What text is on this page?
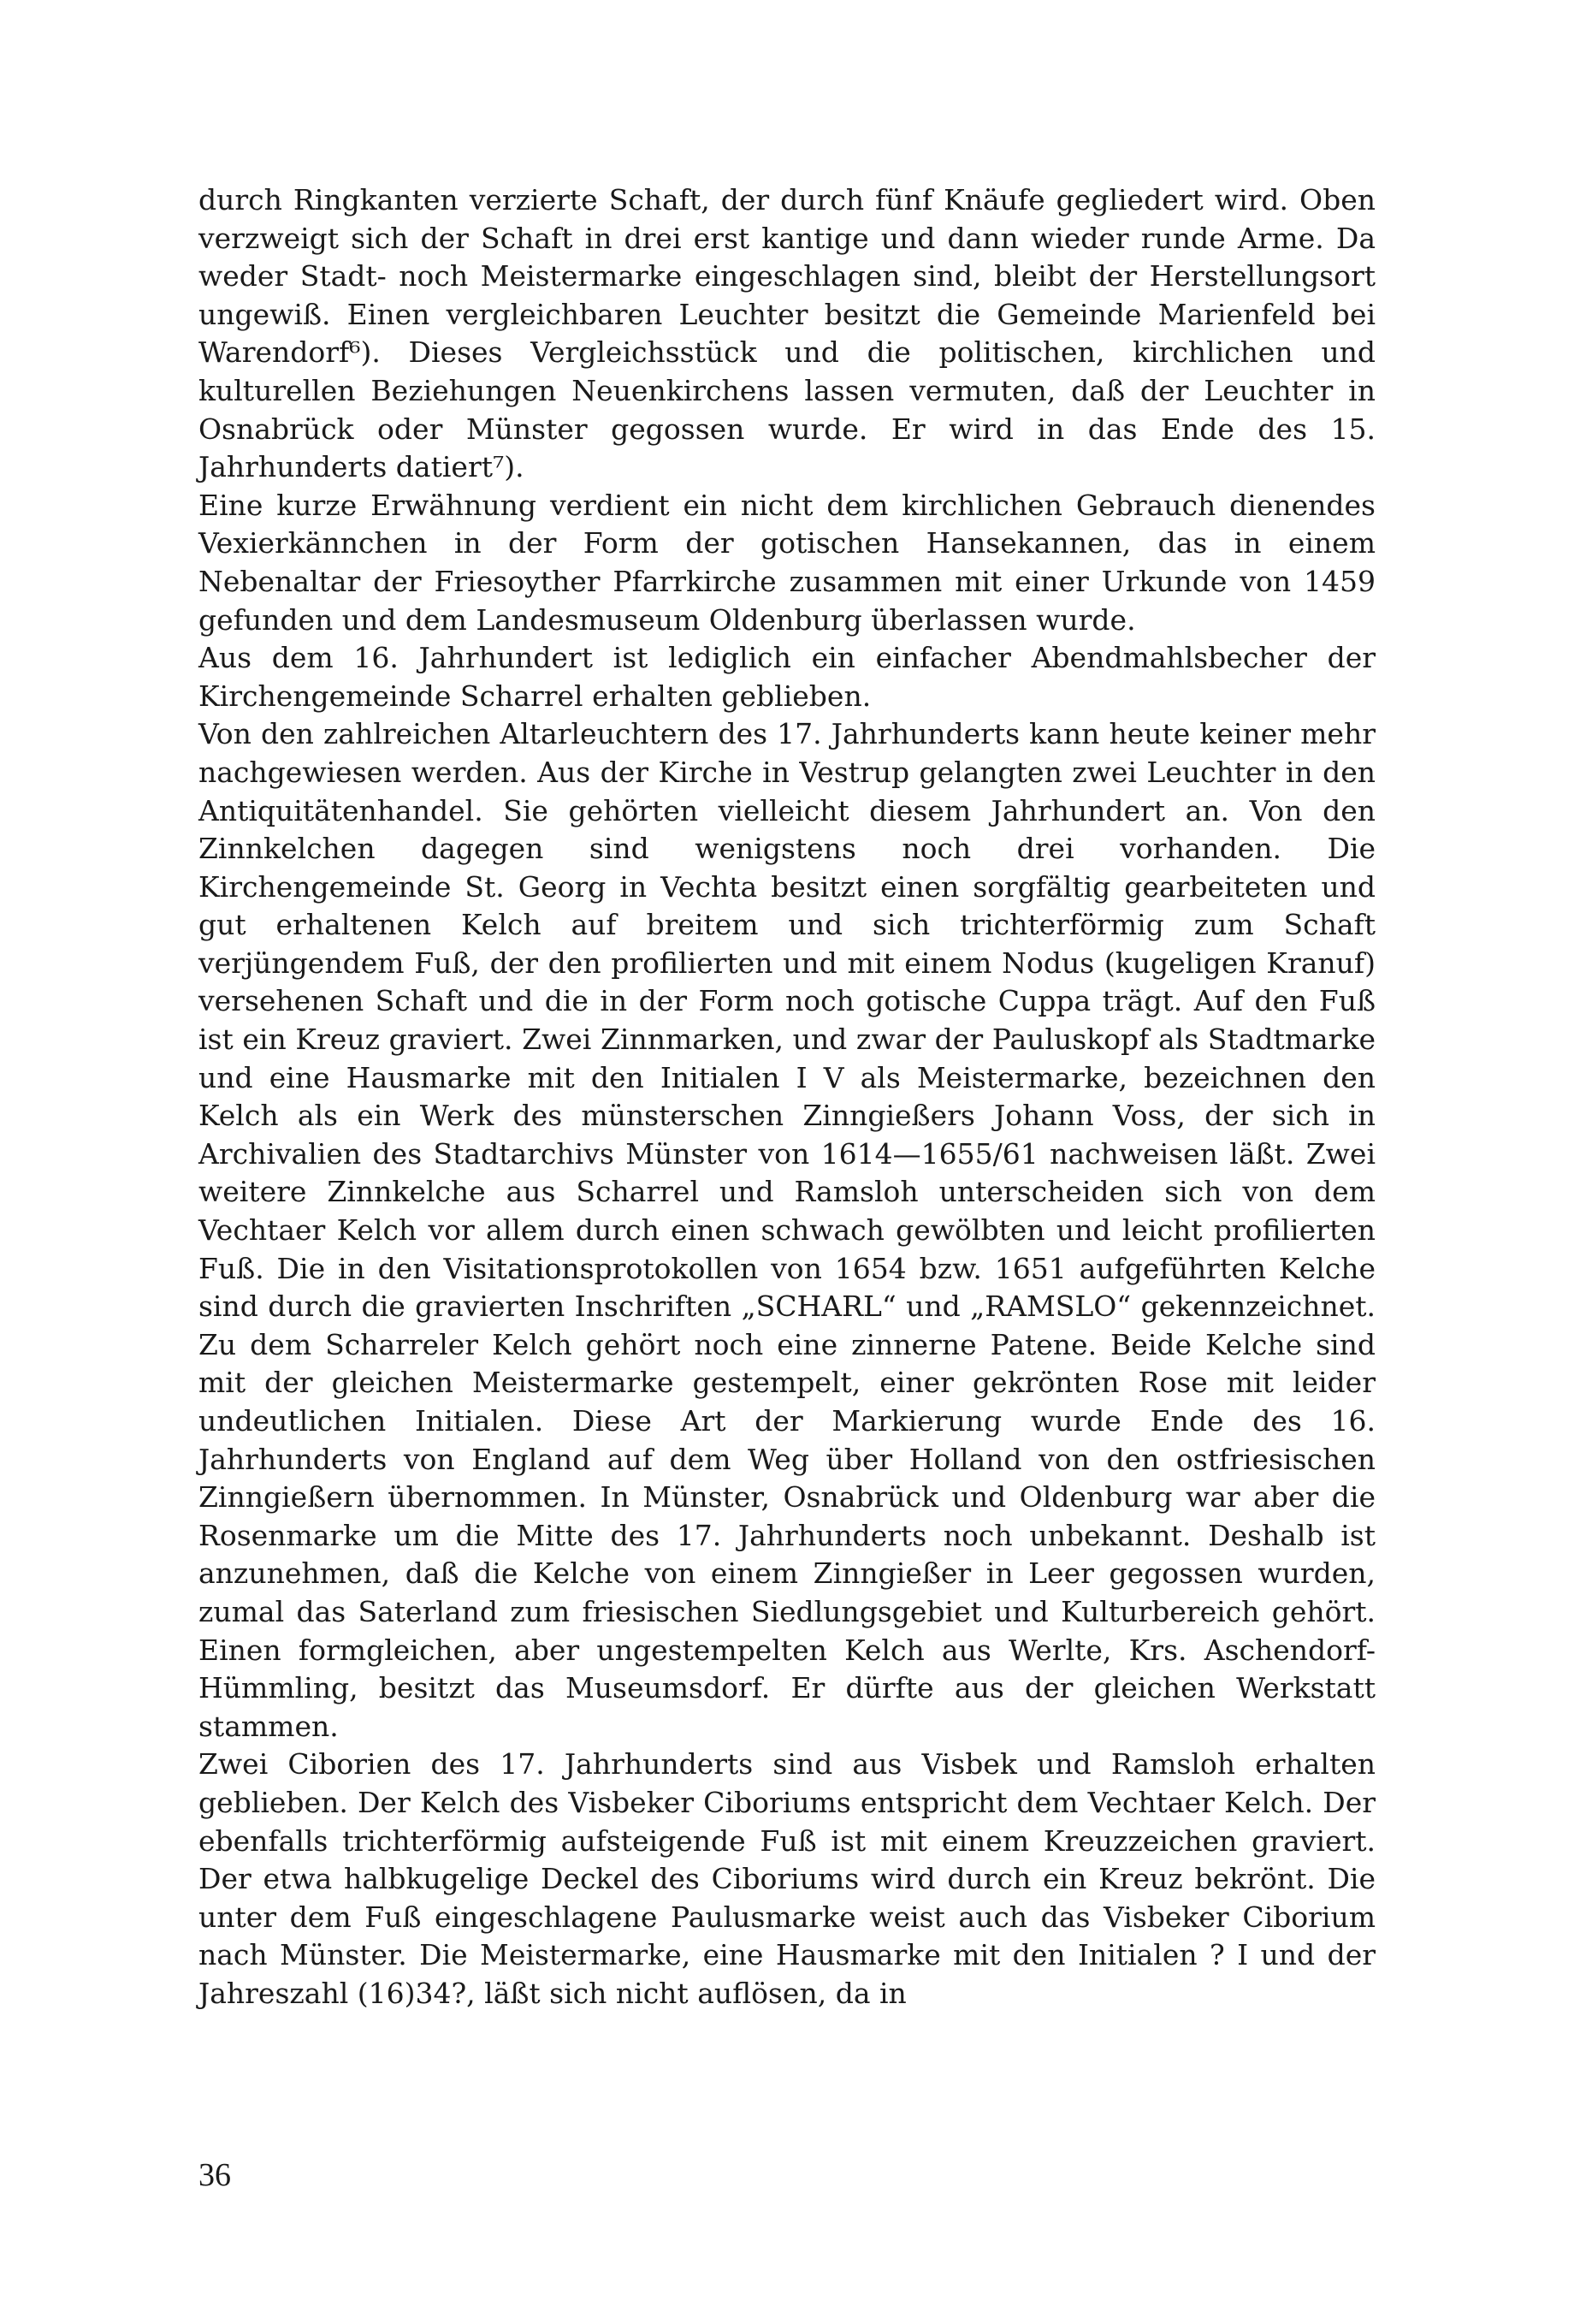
durch Ringkanten verzierte Schaft, der durch fünf Knäufe gegliedert wird. Oben verzweigt sich der Schaft in drei erst kantige und dann wieder runde Arme. Da weder Stadt- noch Meistermarke eingeschlagen sind, bleibt der Herstellungsort ungewiß. Einen vergleichbaren Leuchter besitzt die Gemeinde Marienfeld bei Warendorf⁶). Dieses Vergleichsstück und die politischen, kirchlichen und kulturellen Beziehungen Neuenkirchens lassen vermuten, daß der Leuchter in Osnabrück oder Münster gegossen wurde. Er wird in das Ende des 15. Jahrhunderts datiert⁷).

Eine kurze Erwähnung verdient ein nicht dem kirchlichen Gebrauch dienendes Vexierkännchen in der Form der gotischen Hansekannen, das in einem Nebenaltar der Friesoyther Pfarrkirche zusammen mit einer Urkunde von 1459 gefunden und dem Landesmuseum Oldenburg überlassen wurde.

Aus dem 16. Jahrhundert ist lediglich ein einfacher Abendmahlsbecher der Kirchengemeinde Scharrel erhalten geblieben.

Von den zahlreichen Altarleuchtern des 17. Jahrhunderts kann heute keiner mehr nachgewiesen werden. Aus der Kirche in Vestrup gelangten zwei Leuchter in den Antiquitätenhandel. Sie gehörten vielleicht diesem Jahrhundert an. Von den Zinnkelchen dagegen sind wenigstens noch drei vorhanden. Die Kirchengemeinde St. Georg in Vechta besitzt einen sorgfältig gearbeiteten und gut erhaltenen Kelch auf breitem und sich trichterförmig zum Schaft verjüngendem Fuß, der den profilierten und mit einem Nodus (kugeligen Kranuf) versehenen Schaft und die in der Form noch gotische Cuppa trägt. Auf den Fuß ist ein Kreuz graviert. Zwei Zinnmarken, und zwar der Pauluskopf als Stadtmarke und eine Hausmarke mit den Initialen I V als Meistermarke, bezeichnen den Kelch als ein Werk des münsterschen Zinngießers Johann Voss, der sich in Archivalien des Stadtarchivs Münster von 1614—1655/61 nachweisen läßt. Zwei weitere Zinnkelche aus Scharrel und Ramsloh unterscheiden sich von dem Vechtaer Kelch vor allem durch einen schwach gewölbten und leicht profilierten Fuß. Die in den Visitationsprotokollen von 1654 bzw. 1651 aufgeführten Kelche sind durch die gravierten Inschriften „SCHARL“ und „RAMSLO“ gekennzeichnet. Zu dem Scharreler Kelch gehört noch eine zinnerne Patene. Beide Kelche sind mit der gleichen Meistermarke gestempelt, einer gekrönten Rose mit leider undeutlichen Initialen. Diese Art der Markierung wurde Ende des 16. Jahrhunderts von England auf dem Weg über Holland von den ostfriesischen Zinngießern übernommen. In Münster, Osnabrück und Oldenburg war aber die Rosenmarke um die Mitte des 17. Jahrhunderts noch unbekannt. Deshalb ist anzunehmen, daß die Kelche von einem Zinngießer in Leer gegossen wurden, zumal das Saterland zum friesischen Siedlungsgebiet und Kulturbereich gehört. Einen formgleichen, aber ungestempelten Kelch aus Werlte, Krs. Aschendorf-Hümmling, besitzt das Museumsdorf. Er dürfte aus der gleichen Werkstatt stammen.

Zwei Ciborien des 17. Jahrhunderts sind aus Visbek und Ramsloh erhalten geblieben. Der Kelch des Visbeker Ciboriums entspricht dem Vechtaer Kelch. Der ebenfalls trichterförmig aufsteigende Fuß ist mit einem Kreuzzeichen graviert. Der etwa halbkugelige Deckel des Ciboriums wird durch ein Kreuz bekrönt. Die unter dem Fuß eingeschlagene Paulusmarke weist auch das Visbeker Ciborium nach Münster. Die Meistermarke, eine Hausmarke mit den Initialen ? I und der Jahreszahl (16)34?, läßt sich nicht auflösen, da in

36
